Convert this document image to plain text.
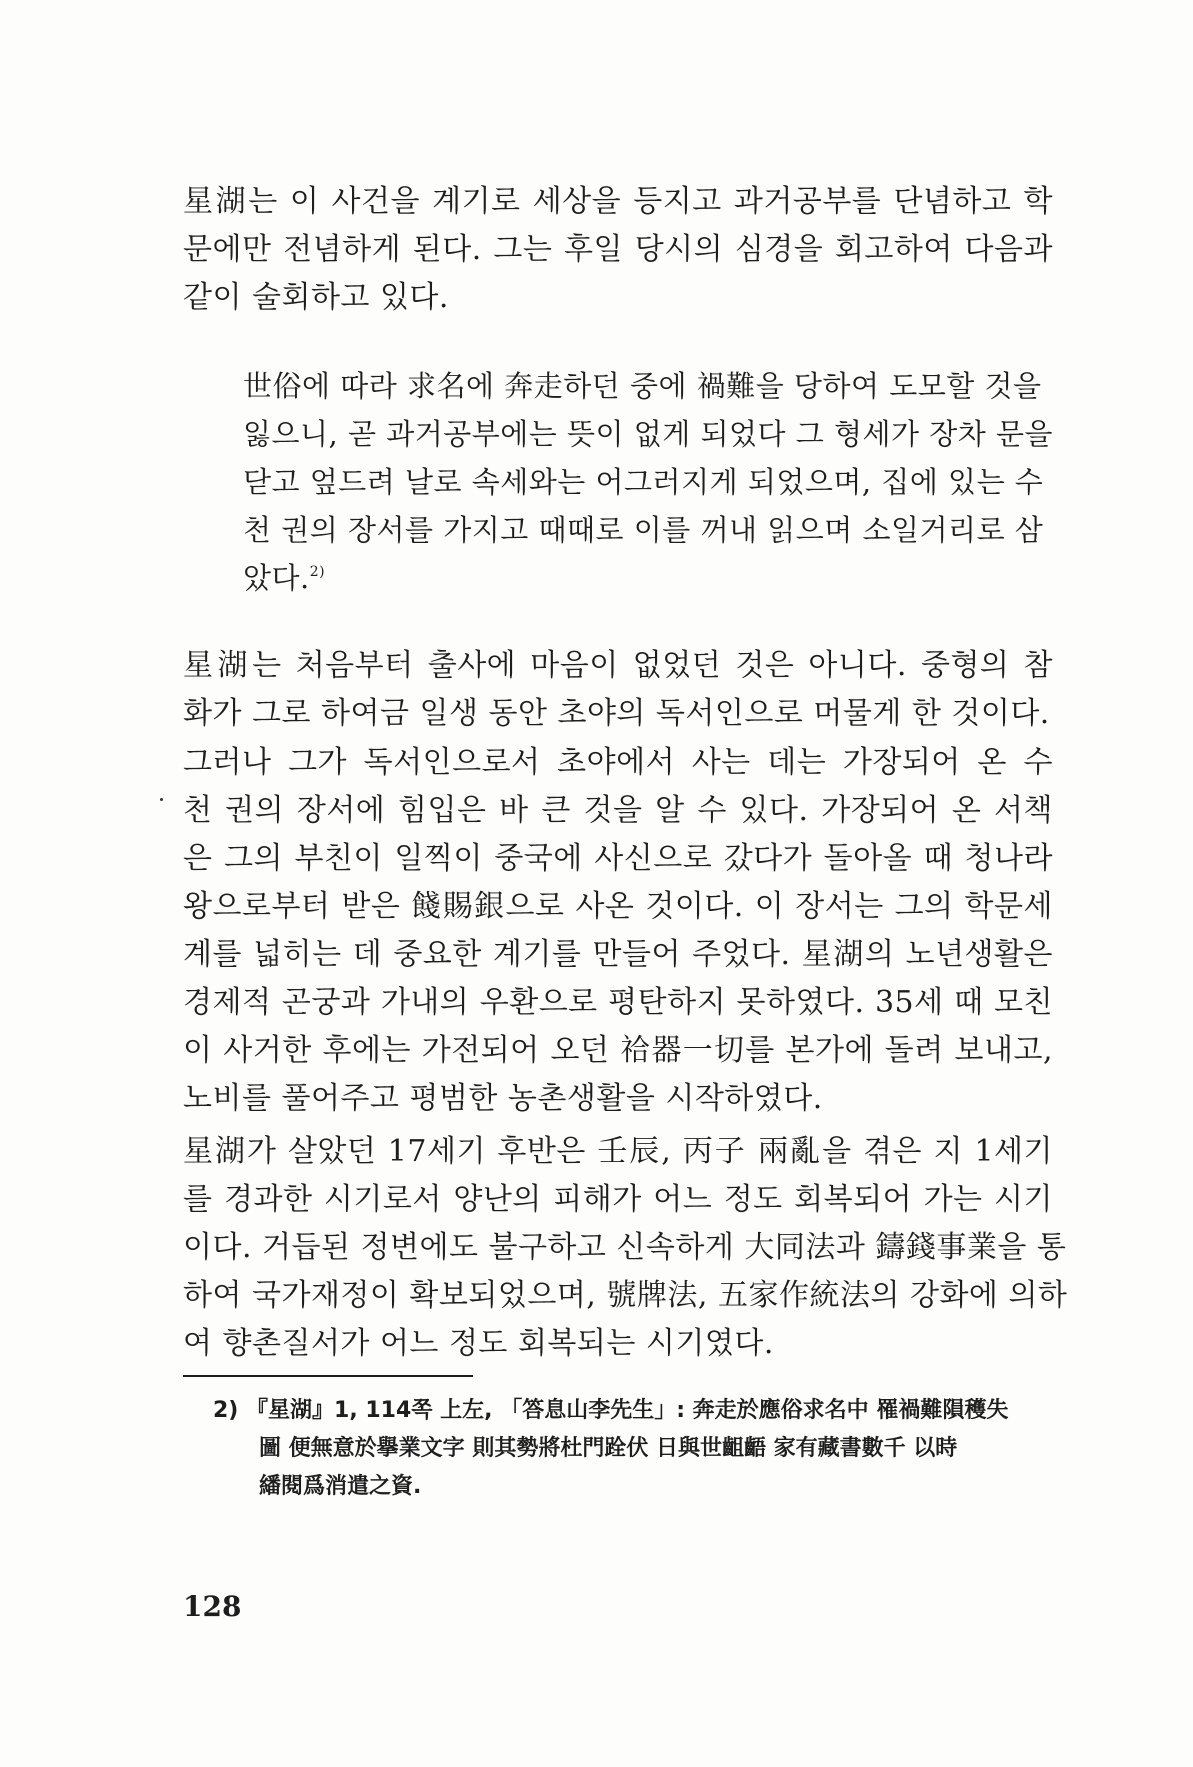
星湖는 이 사건을 계기로 세상을 등지고 과거공부를 단념하고 학
문에만 전념하게 된다. 그는 후일 당시의 심경을 회고하여 다음과
같이 술회하고 있다.
世俗에 따라 求名에 奔走하던 중에 禍難을 당하여 도모할 것을
잃으니, 곧 과거공부에는 뜻이 없게 되었다 그 형세가 장차 문을
닫고 엎드려 날로 속세와는 어그러지게 되었으며, 집에 있는 수
천 권의 장서를 가지고 때때로 이를 꺼내 읽으며 소일거리로 삼
았다.$^{2)}$
星湖는 처음부터 출사에 마음이 없었던 것은 아니다. 중형의 참
화가 그로 하여금 일생 동안 초야의 독서인으로 머물게 한 것이다.
그러나 그가 독서인으로서 초야에서 사는 데는 가장되어 온 수
천 권의 장서에 힘입은 바 큰 것을 알 수 있다. 가장되어 온 서책
은 그의 부친이 일찍이 중국에 사신으로 갔다가 돌아올 때 청나라
왕으로부터 받은 餞賜銀으로 사온 것이다. 이 장서는 그의 학문세
계를 넓히는 데 중요한 계기를 만들어 주었다. 星湖의 노년생활은
경제적 곤궁과 가내의 우환으로 평탄하지 못하였다. 35세 때 모친
이 사거한 후에는 가전되어 오던 祫器一切를 본가에 돌려 보내고,
노비를 풀어주고 평범한 농촌생활을 시작하였다.
星湖가 살았던 17세기 후반은 壬辰, 丙子 兩亂을 겪은 지 1세기
를 경과한 시기로서 양난의 피해가 어느 정도 회복되어 가는 시기
이다. 거듭된 정변에도 불구하고 신속하게 大同法과 鑄錢事業을 통
하여 국가재정이 확보되었으며, 號牌法, 五家作統法의 강화에 의하
여 향촌질서가 어느 정도 회복되는 시기였다.
2) 『星湖』1, 114쪽 上左, 「答息山李先生」: 奔走於應俗求名中 罹禍難隕穫失
圖 便無意於擧業文字 則其勢將杜門跧伏 日與世齟齬 家有藏書數千 以時
繙閱爲消遣之資.
128
